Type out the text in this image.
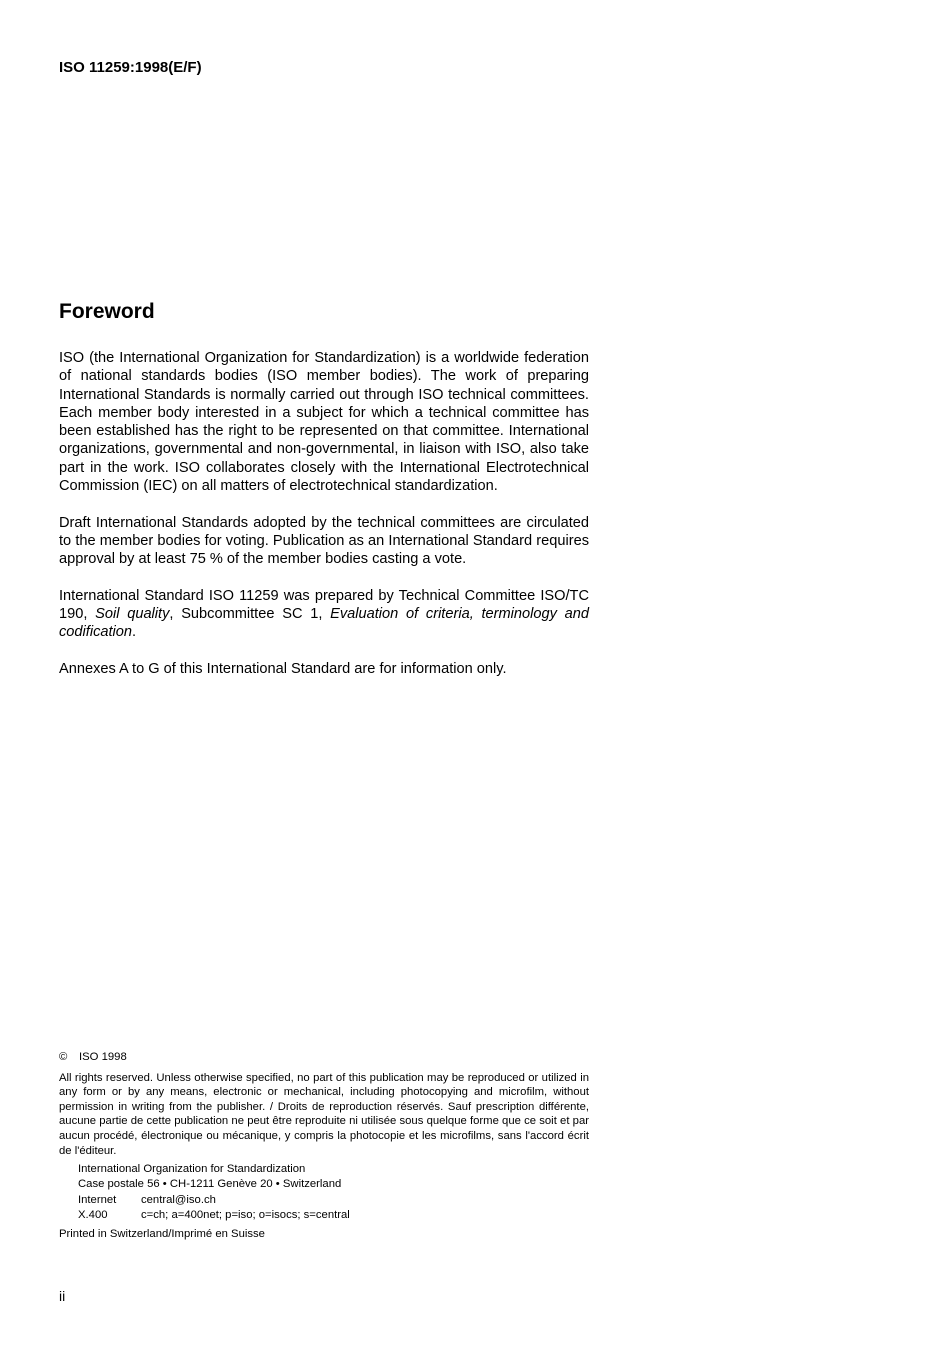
ISO 11259:1998(E/F)
Foreword

ISO (the International Organization for Standardization) is a worldwide federation of national standards bodies (ISO member bodies). The work of preparing International Standards is normally carried out through ISO technical committees. Each member body interested in a subject for which a technical committee has been established has the right to be represented on that committee. International organizations, governmental and non-governmental, in liaison with ISO, also take part in the work. ISO collaborates closely with the International Electrotechnical Commission (IEC) on all matters of electrotechnical standardization.

Draft International Standards adopted by the technical committees are circulated to the member bodies for voting. Publication as an International Standard requires approval by at least 75 % of the member bodies casting a vote.

International Standard ISO 11259 was prepared by Technical Committee ISO/TC 190, Soil quality, Subcommittee SC 1, Evaluation of criteria, terminology and codification.

Annexes A to G of this International Standard are for information only.

© ISO 1998
All rights reserved. Unless otherwise specified, no part of this publication may be reproduced or utilized in any form or by any means, electronic or mechanical, including photocopying and microfilm, without permission in writing from the publisher. / Droits de reproduction réservés. Sauf prescription différente, aucune partie de cette publication ne peut être reproduite ni utilisée sous quelque forme que ce soit et par aucun procédé, électronique ou mécanique, y compris la photocopie et les microfilms, sans l'accord écrit de l'éditeur.
International Organization for Standardization
Case postale 56 • CH-1211 Genève 20 • Switzerland
Internet	central@iso.ch
X.400	c=ch; a=400net; p=iso; o=isocs; s=central
Printed in Switzerland/Imprimé en Suisse
ii
